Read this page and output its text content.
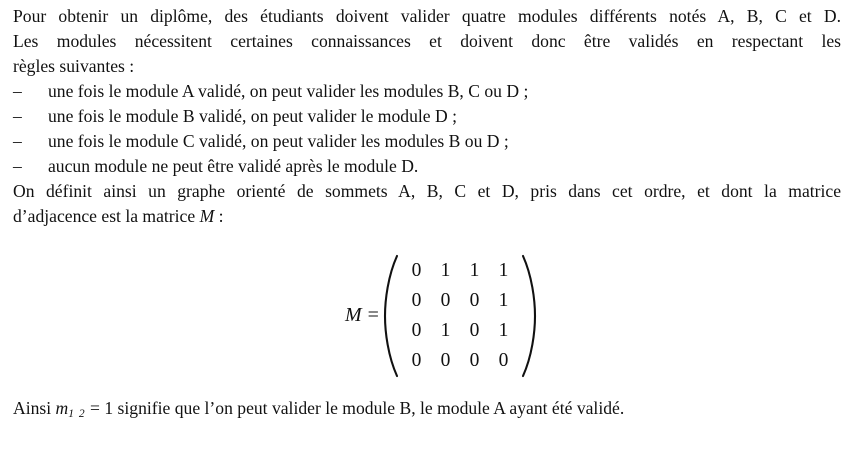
Pour obtenir un diplôme, des étudiants doivent valider quatre modules différents notés A, B, C et D.
Les modules nécessitent certaines connaissances et doivent donc être validés en respectant les
règles suivantes :
– une fois le module A validé, on peut valider les modules B, C ou D ;
– une fois le module B validé, on peut valider le module D ;
– une fois le module C validé, on peut valider les modules B ou D ;
– aucun module ne peut être validé après le module D.
On définit ainsi un graphe orienté de sommets A, B, C et D, pris dans cet ordre, et dont la matrice
d’adjacence est la matrice M :
M =
0 1 1 1
0 0 0 1
0 1 0 1
0 0 0 0
Ainsi m1 2 = 1 signifie que l’on peut valider le module B, le module A ayant été validé.
